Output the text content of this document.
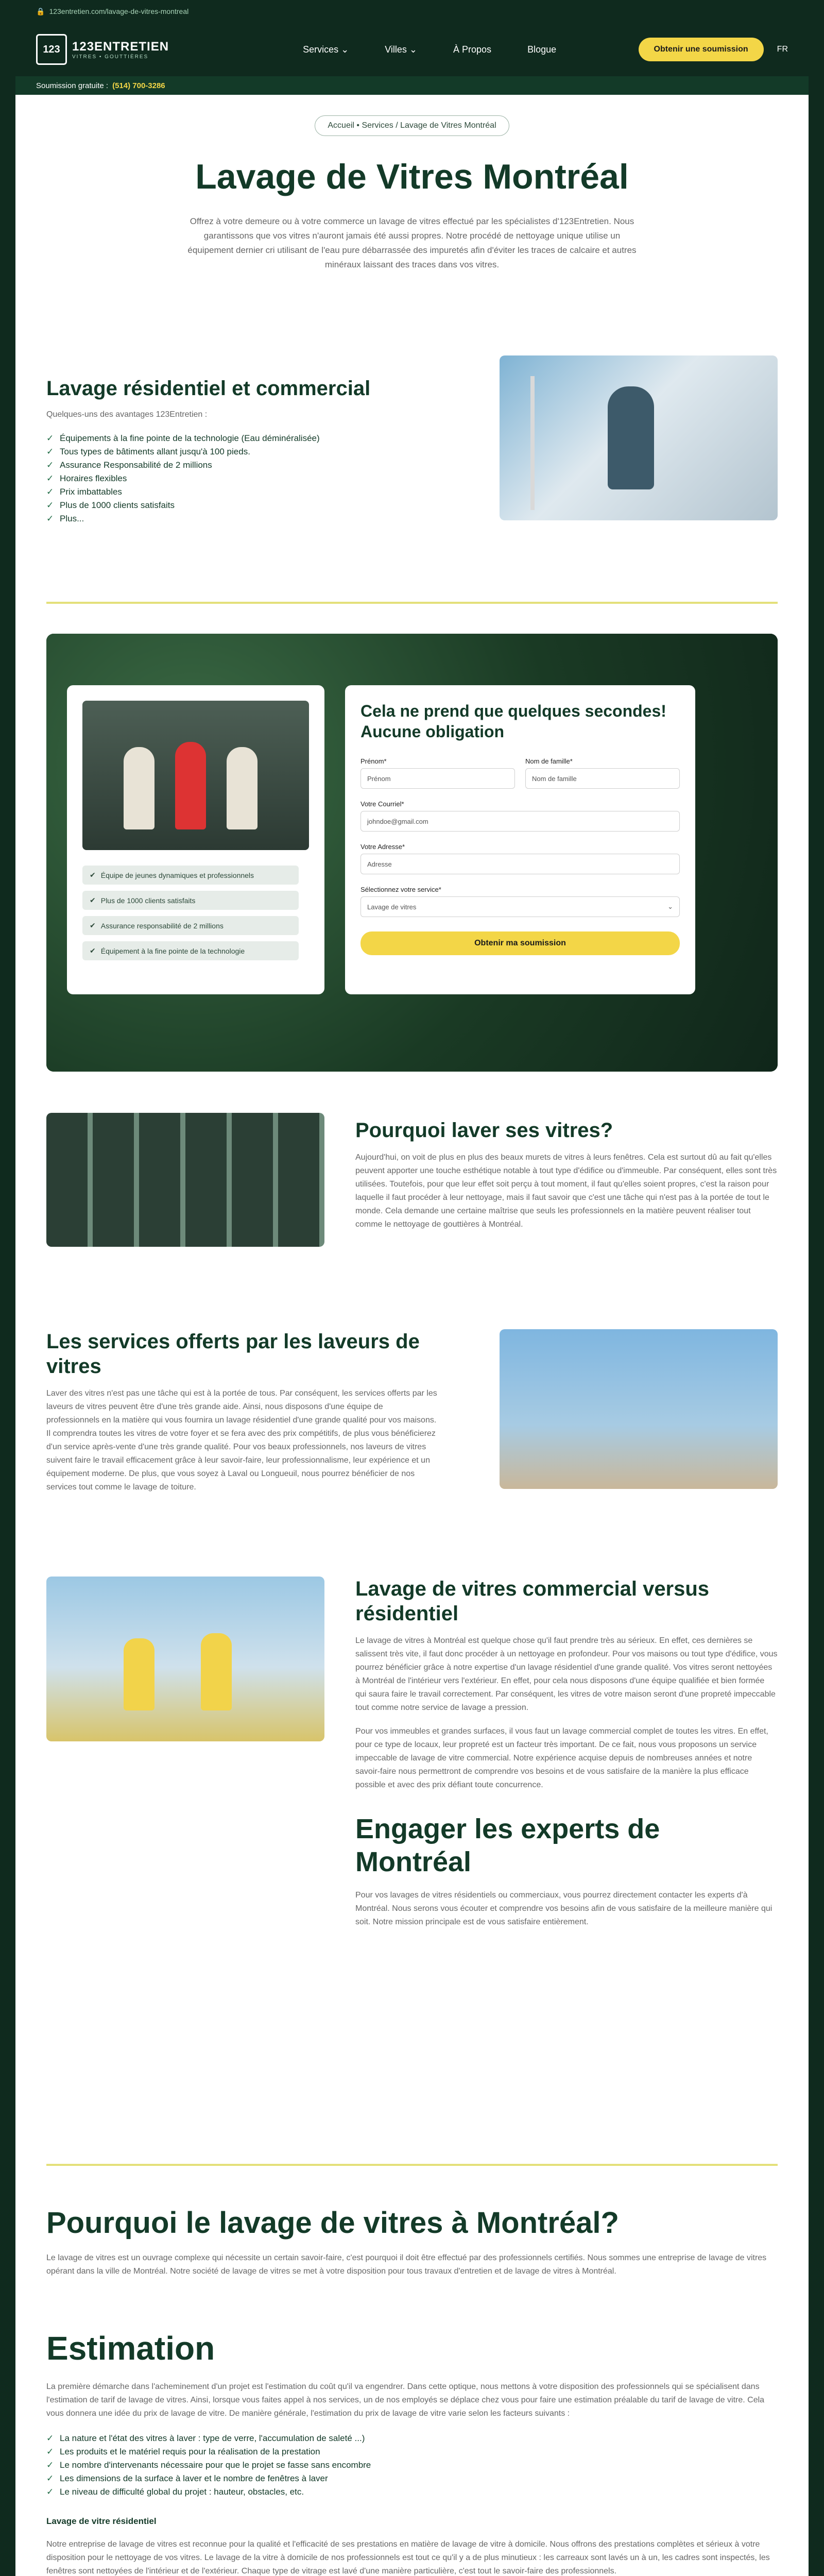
🔒 123entretien.com/lavage-de-vitres-montreal
123 123ENTRETIEN
VITRES • GOUTTIÈRES
Services ⌄	Villes ⌄	À Propos	Blogue	Obtenir une soumission	FR
Soumission gratuite : (514) 700-3286
Accueil • Services / Lavage de Vitres Montréal
Lavage de Vitres Montréal

Offrez à votre demeure ou à votre commerce un lavage de vitres effectué par les spécialistes d'123Entretien. Nous garantissons que vos vitres n'auront jamais été aussi propres. Notre procédé de nettoyage unique utilise un équipement dernier cri utilisant de l'eau pure débarrassée des impuretés afin d'éviter les traces de calcaire et autres minéraux laissant des traces dans vos vitres.

Lavage résidentiel et commercial

Quelques-uns des avantages 123Entretien :

✓ Équipements à la fine pointe de la technologie (Eau déminéralisée)
✓ Tous types de bâtiments allant jusqu'à 100 pieds.
✓ Assurance Responsabilité de 2 millions
✓ Horaires flexibles
✓ Prix imbattables
✓ Plus de 1000 clients satisfaits
✓ Plus...
✔ Équipe de jeunes dynamiques et professionnels
✔ Plus de 1000 clients satisfaits
✔ Assurance responsabilité de 2 millions
✔ Équipement à la fine pointe de la technologie
Cela ne prend que quelques secondes! Aucune obligation
Prénom*
Prénom
Nom de famille*
Nom de famille
Votre Courriel*
johndoe@gmail.com
Votre Adresse*
Adresse
Sélectionnez votre service*
Lavage de vitres	⌄
Obtenir ma soumission
Pourquoi laver ses vitres?

Aujourd'hui, on voit de plus en plus des beaux murets de vitres à leurs fenêtres. Cela est surtout dû au fait qu'elles peuvent apporter une touche esthétique notable à tout type d'édifice ou d'immeuble. Par conséquent, elles sont très utilisées. Toutefois, pour que leur effet soit perçu à tout moment, il faut qu'elles soient propres, c'est la raison pour laquelle il faut procéder à leur nettoyage, mais il faut savoir que c'est une tâche qui n'est pas à la portée de tout le monde. Cela demande une certaine maîtrise que seuls les professionnels en la matière peuvent réaliser tout comme le nettoyage de gouttières à Montréal.

Les services offerts par les laveurs de vitres

Laver des vitres n'est pas une tâche qui est à la portée de tous. Par conséquent, les services offerts par les laveurs de vitres peuvent être d'une très grande aide. Ainsi, nous disposons d'une équipe de professionnels en la matière qui vous fournira un lavage résidentiel d'une grande qualité pour vos maisons. Il comprendra toutes les vitres de votre foyer et se fera avec des prix compétitifs, de plus vous bénéficierez d'un service après-vente d'une très grande qualité. Pour vos beaux professionnels, nos laveurs de vitres suivent faire le travail efficacement grâce à leur savoir-faire, leur professionnalisme, leur expérience et un équipement moderne. De plus, que vous soyez à Laval ou Longueuil, nous pourrez bénéficier de nos services tout comme le lavage de toiture.

Lavage de vitres commercial versus résidentiel

Le lavage de vitres à Montréal est quelque chose qu'il faut prendre très au sérieux. En effet, ces dernières se salissent très vite, il faut donc procéder à un nettoyage en profondeur. Pour vos maisons ou tout type d'édifice, vous pourrez bénéficier grâce à notre expertise d'un lavage résidentiel d'une grande qualité. Vos vitres seront nettoyées à Montréal de l'intérieur vers l'extérieur. En effet, pour cela nous disposons d'une équipe qualifiée et bien formée qui saura faire le travail correctement. Par conséquent, les vitres de votre maison seront d'une propreté impeccable tout comme notre service de lavage a pression.

Pour vos immeubles et grandes surfaces, il vous faut un lavage commercial complet de toutes les vitres. En effet, pour ce type de locaux, leur propreté est un facteur très important. De ce fait, nous vous proposons un service impeccable de lavage de vitre commercial. Notre expérience acquise depuis de nombreuses années et notre savoir-faire nous permettront de comprendre vos besoins et de vous satisfaire de la manière la plus efficace possible et avec des prix défiant toute concurrence.

Engager les experts de Montréal

Pour vos lavages de vitres résidentiels ou commerciaux, vous pourrez directement contacter les experts d'à Montréal. Nous serons vous écouter et comprendre vos besoins afin de vous satisfaire de la meilleure manière qui soit. Notre mission principale est de vous satisfaire entièrement.

Pourquoi le lavage de vitres à Montréal?

Le lavage de vitres est un ouvrage complexe qui nécessite un certain savoir-faire, c'est pourquoi il doit être effectué par des professionnels certifiés. Nous sommes une entreprise de lavage de vitres opérant dans la ville de Montréal. Notre société de lavage de vitres se met à votre disposition pour tous travaux d'entretien et de lavage de vitres à Montréal.

Estimation

La première démarche dans l'acheminement d'un projet est l'estimation du coût qu'il va engendrer. Dans cette optique, nous mettons à votre disposition des professionnels qui se spécialisent dans l'estimation de tarif de lavage de vitres. Ainsi, lorsque vous faites appel à nos services, un de nos employés se déplace chez vous pour faire une estimation préalable du tarif de lavage de vitre. Cela vous donnera une idée du prix de lavage de vitre. De manière générale, l'estimation du prix de lavage de vitre varie selon les facteurs suivants :

✓ La nature et l'état des vitres à laver : type de verre, l'accumulation de saleté ...)
✓ Les produits et le matériel requis pour la réalisation de la prestation
✓ Le nombre d'intervenants nécessaire pour que le projet se fasse sans encombre
✓ Les dimensions de la surface à laver et le nombre de fenêtres à laver
✓ Le niveau de difficulté global du projet : hauteur, obstacles, etc.

Lavage de vitre résidentiel

Notre entreprise de lavage de vitres est reconnue pour la qualité et l'efficacité de ses prestations en matière de lavage de vitre à domicile. Nous offrons des prestations complètes et sérieux à votre disposition pour le nettoyage de vos vitres. Le lavage de la vitre à domicile de nos professionnels est tout ce qu'il y a de plus minutieux : les carreaux sont lavés un à un, les cadres sont inspectés, les fenêtres sont nettoyées de l'intérieur et de l'extérieur. Chaque type de vitrage est lavé d'une manière particulière, c'est tout le savoir-faire des professionnels.
